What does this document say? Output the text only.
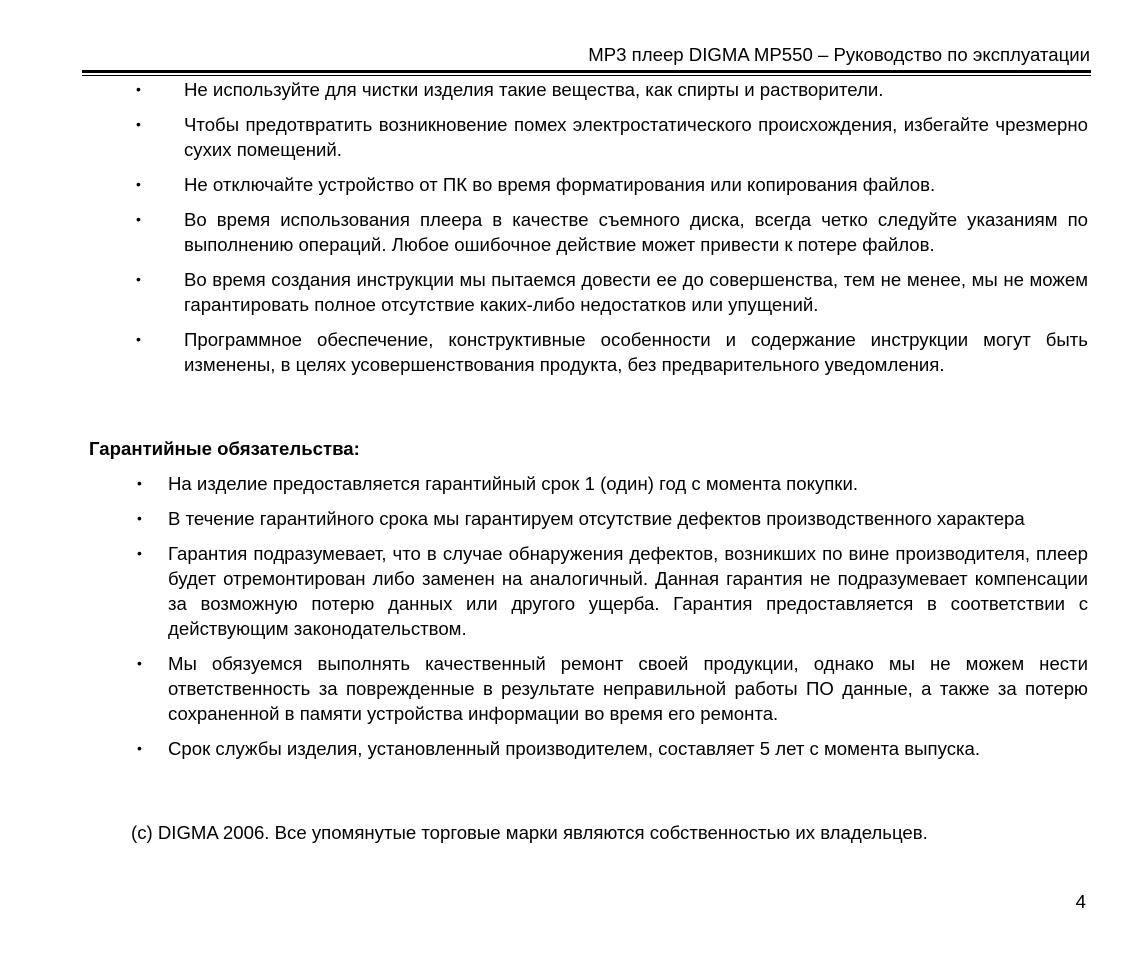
MP3 плеер DIGMA MP550 – Руководство по эксплуатации
• Не используйте для чистки изделия такие вещества, как спирты и растворители.
• Чтобы предотвратить возникновение помех электростатического происхождения, избегайте чрезмерно сухих помещений.
• Не отключайте устройство от ПК во время форматирования или копирования файлов.
• Во время использования плеера в качестве съемного диска, всегда четко следуйте указаниям по выполнению операций. Любое ошибочное действие может привести к потере файлов.
• Во время создания инструкции мы пытаемся довести ее до совершенства, тем не менее, мы не можем гарантировать полное отсутствие каких-либо недостатков или упущений.
• Программное обеспечение, конструктивные особенности и содержание инструкции могут быть изменены, в целях усовершенствования продукта, без предварительного уведомления.
Гарантийные обязательства:
• На изделие предоставляется гарантийный срок 1 (один) год с момента покупки.
• В течение гарантийного срока мы гарантируем отсутствие дефектов производственного характера
• Гарантия подразумевает, что в случае обнаружения дефектов, возникших по вине производителя, плеер будет отремонтирован либо заменен на аналогичный. Данная гарантия не подразумевает компенсации за возможную потерю данных или другого ущерба. Гарантия предоставляется в соответствии с действующим законодательством.
• Мы обязуемся выполнять качественный ремонт своей продукции, однако мы не можем нести ответственность за поврежденные в результате неправильной работы ПО данные, а также за потерю сохраненной в памяти устройства информации во время его ремонта.
• Срок службы изделия, установленный производителем, составляет 5 лет с момента выпуска.
(c) DIGMA 2006. Все упомянутые торговые марки являются собственностью их владельцев.
4
